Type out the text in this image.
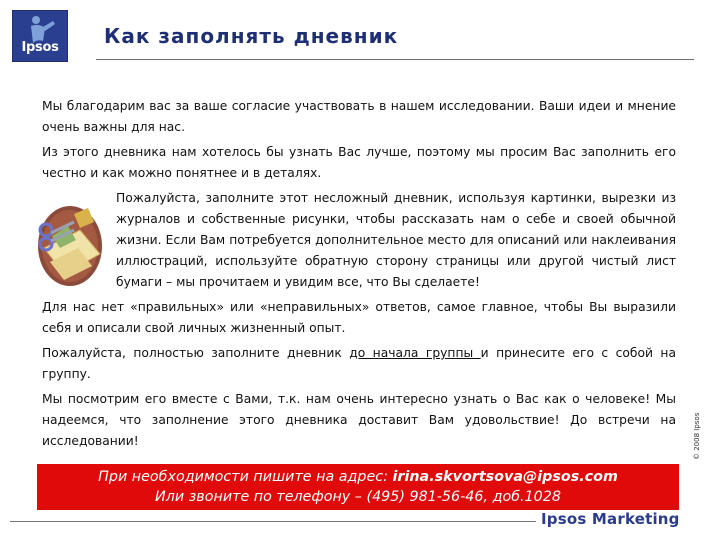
Ipsos	Как заполнять дневник

Мы благодарим вас за ваше согласие участвовать в нашем исследовании. Ваши идеи и мнение очень важны для нас.

Из этого дневника нам хотелось бы узнать Вас лучше, поэтому мы просим Вас заполнить его честно и как можно понятнее и в деталях.

Пожалуйста, заполните этот несложный дневник, используя картинки, вырезки из журналов и собственные рисунки, чтобы рассказать нам о себе и своей обычной жизни. Если Вам потребуется дополнительное место для описаний или наклеивания иллюстраций, используйте обратную сторону страницы или другой чистый лист бумаги – мы прочитаем и увидим все, что Вы сделаете!

Для нас нет «правильных» или «неправильных» ответов, самое главное, чтобы Вы выразили себя и описали свой личных жизненный опыт.

Пожалуйста, полностью заполните дневник до начала группы и принесите его с собой на группу.

Мы посмотрим его вместе с Вами, т.к. нам очень интересно узнать о Вас как о человеке! Мы надеемся, что заполнение этого дневника доставит Вам удовольствие! До встречи на исследовании!	© 2008 Ipsos
При необходимости пишите на адрес: irina.skvortsova@ipsos.com
Или звоните по телефону – (495) 981-56-46, доб.1028
Ipsos Marketing
